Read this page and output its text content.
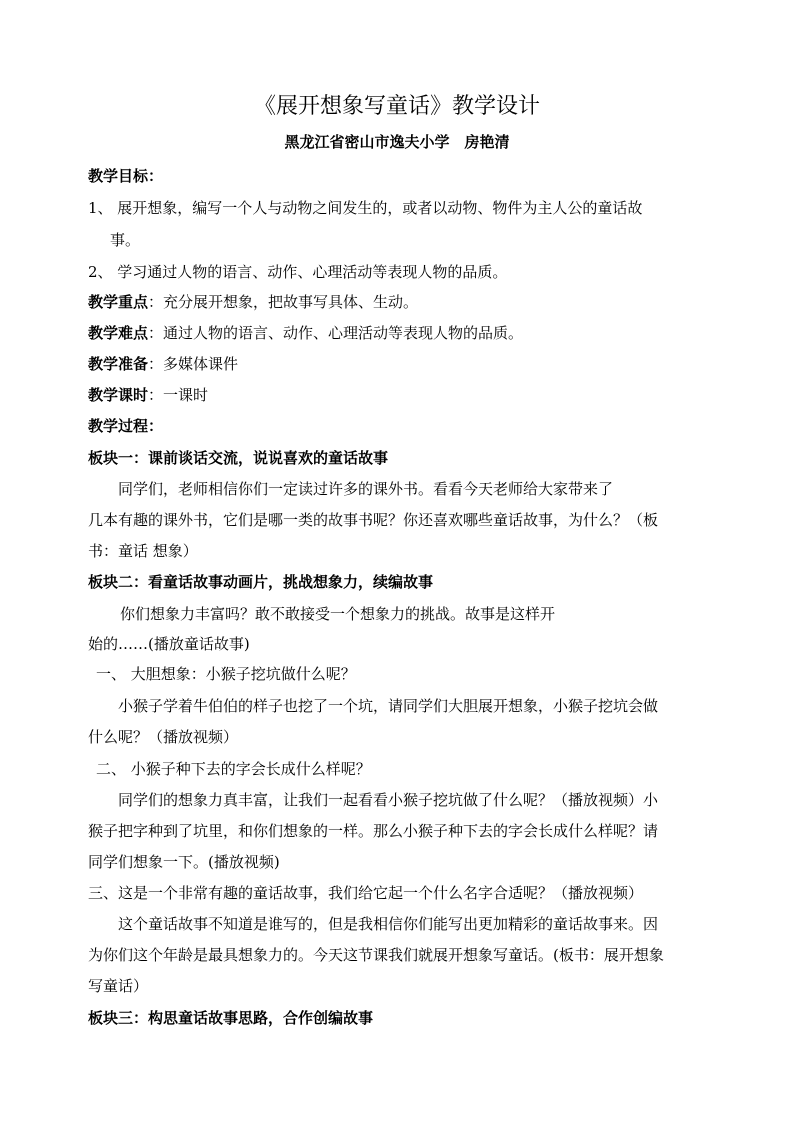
《展开想象写童话》教学设计
黑龙江省密山市逸夫小学　房艳清
教学目标：
1、 展开想象，编写一个人与动物之间发生的，或者以动物、物件为主人公的童话故
事。
2、 学习通过人物的语言、动作、心理活动等表现人物的品质。
教学重点：充分展开想象，把故事写具体、生动。
教学难点：通过人物的语言、动作、心理活动等表现人物的品质。
教学准备：多媒体课件
教学课时：一课时
教学过程：
板块一：课前谈话交流，说说喜欢的童话故事
同学们，老师相信你们一定读过许多的课外书。看看今天老师给大家带来了
几本有趣的课外书，它们是哪一类的故事书呢？你还喜欢哪些童话故事，为什么？（板
书：童话 想象）
板块二：看童话故事动画片，挑战想象力，续编故事
你们想象力丰富吗？敢不敢接受一个想象力的挑战。故事是这样开
始的……(播放童话故事)
一、 大胆想象：小猴子挖坑做什么呢？
小猴子学着牛伯伯的样子也挖了一个坑，请同学们大胆展开想象，小猴子挖坑会做
什么呢？（播放视频）
二、 小猴子种下去的字会长成什么样呢？
同学们的想象力真丰富，让我们一起看看小猴子挖坑做了什么呢？（播放视频）小
猴子把字种到了坑里，和你们想象的一样。那么小猴子种下去的字会长成什么样呢？请
同学们想象一下。(播放视频)
三、这是一个非常有趣的童话故事，我们给它起一个什么名字合适呢？（播放视频）
这个童话故事不知道是谁写的，但是我相信你们能写出更加精彩的童话故事来。因
为你们这个年龄是最具想象力的。今天这节课我们就展开想象写童话。(板书：展开想象
写童话）
板块三：构思童话故事思路，合作创编故事
